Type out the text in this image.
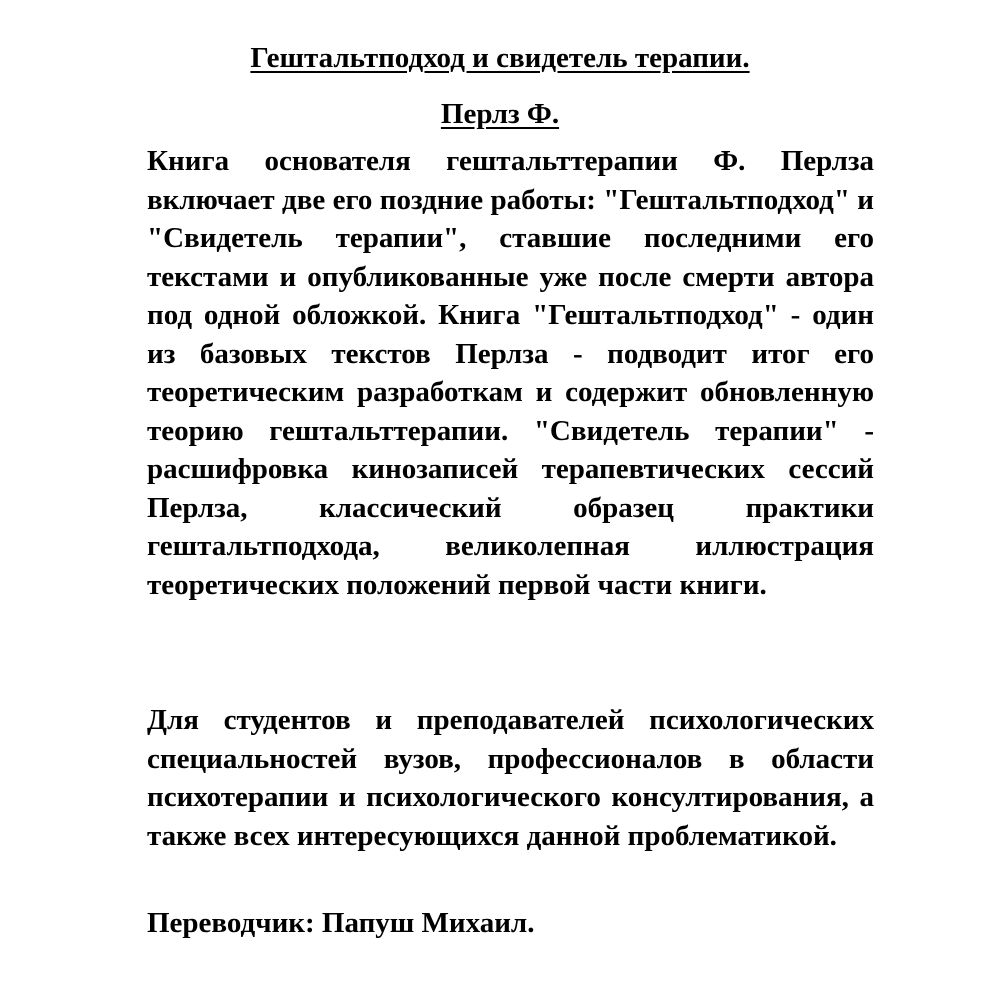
Гештальтподход и свидетель терапии.
Перлз Ф.

Книга основателя гештальттерапии Ф. Перлза включает две его поздние работы: "Гештальтподход" и "Свидетель терапии", ставшие последними его текстами и опубликованные уже после смерти автора под одной обложкой. Книга "Гештальтподход" - один из базовых текстов Перлза - подводит итог его теоретическим разработкам и содержит обновленную теорию гештальттерапии. "Свидетель терапии" - расшифровка кинозаписей терапевтических сессий Перлза, классический образец практики гештальтподхода, великолепная иллюстрация теоретических положений первой части книги.

Для студентов и преподавателей психологических специальностей вузов, профессионалов в области психотерапии и психологического консултирования, а также всех интересующихся данной проблематикой.

Переводчик: Папуш Михаил.
